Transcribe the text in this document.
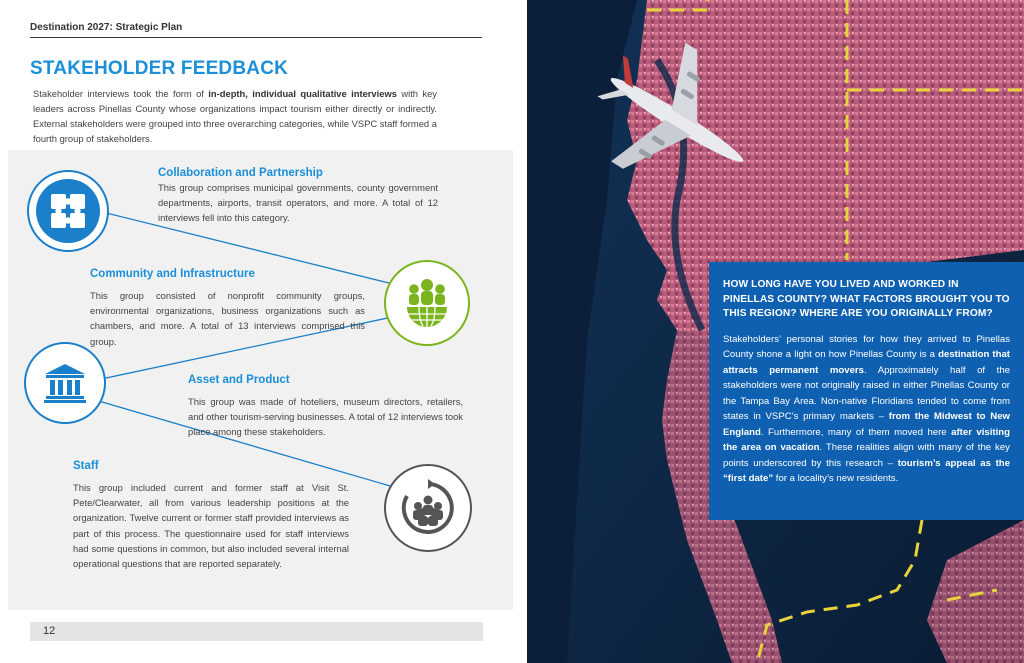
Destination 2027: Strategic Plan
STAKEHOLDER FEEDBACK
Stakeholder interviews took the form of in-depth, individual qualitative interviews with key leaders across Pinellas County whose organizations impact tourism either directly or indirectly. External stakeholders were grouped into three overarching categories, while VSPC staff formed a fourth group of stakeholders.
Collaboration and Partnership
This group comprises municipal governments, county government departments, airports, transit operators, and more. A total of 12 interviews fell into this category.
Community and Infrastructure
This group consisted of nonprofit community groups, environmental organizations, business organizations such as chambers, and more. A total of 13 interviews comprised this group.
Asset and Product
This group was made of hoteliers, museum directors, retailers, and other tourism-serving businesses. A total of 12 interviews took place among these stakeholders.
Staff
This group included current and former staff at Visit St. Pete/Clearwater, all from various leadership positions at the organization. Twelve current or former staff provided interviews as part of this process. The questionnaire used for staff interviews had some questions in common, but also included several internal operational questions that are reported separately.
12
HOW LONG HAVE YOU LIVED AND WORKED IN PINELLAS COUNTY? WHAT FACTORS BROUGHT YOU TO THIS REGION? WHERE ARE YOU ORIGINALLY FROM?
Stakeholders’ personal stories for how they arrived to Pinellas County shone a light on how Pinellas County is a destination that attracts permanent movers. Approximately half of the stakeholders were not originally raised in either Pinellas County or the Tampa Bay Area. Non-native Floridians tended to come from states in VSPC’s primary markets – from the Midwest to New England. Furthermore, many of them moved here after visiting the area on vacation. These realities align with many of the key points underscored by this research – tourism’s appeal as the “first date” for a locality’s new residents.
